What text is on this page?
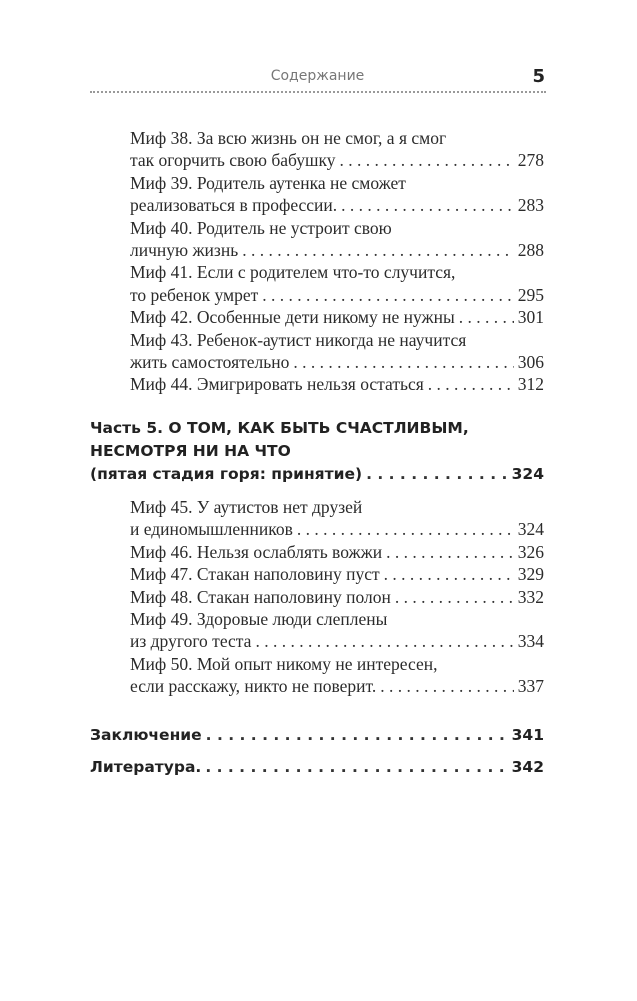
Содержание	5
Миф 38. За всю жизнь он не смог, а я смог
так огорчить свою бабушку . . .	278
Миф 39. Родитель аутенка не сможет
реализоваться в профессии. . . .	283
Миф 40. Родитель не устроит свою
личную жизнь . . .	288
Миф 41. Если с родителем что-то случится,
то ребенок умрет . . .	295
Миф 42. Особенные дети никому не нужны . . .	301
Миф 43. Ребенок-аутист никогда не научится
жить самостоятельно . . .	306
Миф 44. Эмигрировать нельзя остаться . . .	312
Часть 5. О ТОМ, КАК БЫТЬ СЧАСТЛИВЫМ,
НЕСМОТРЯ НИ НА ЧТО
(пятая стадия горя: принятие) . . .	324
Миф 45. У аутистов нет друзей
и единомышленников . . .	324
Миф 46. Нельзя ослаблять вожжи . . .	326
Миф 47. Стакан наполовину пуст . . .	329
Миф 48. Стакан наполовину полон . . .	332
Миф 49. Здоровые люди слеплены
из другого теста . . .	334
Миф 50. Мой опыт никому не интересен,
если расскажу, никто не поверит. . . .	337
Заключение . . .	341
Литература. . . .	342
